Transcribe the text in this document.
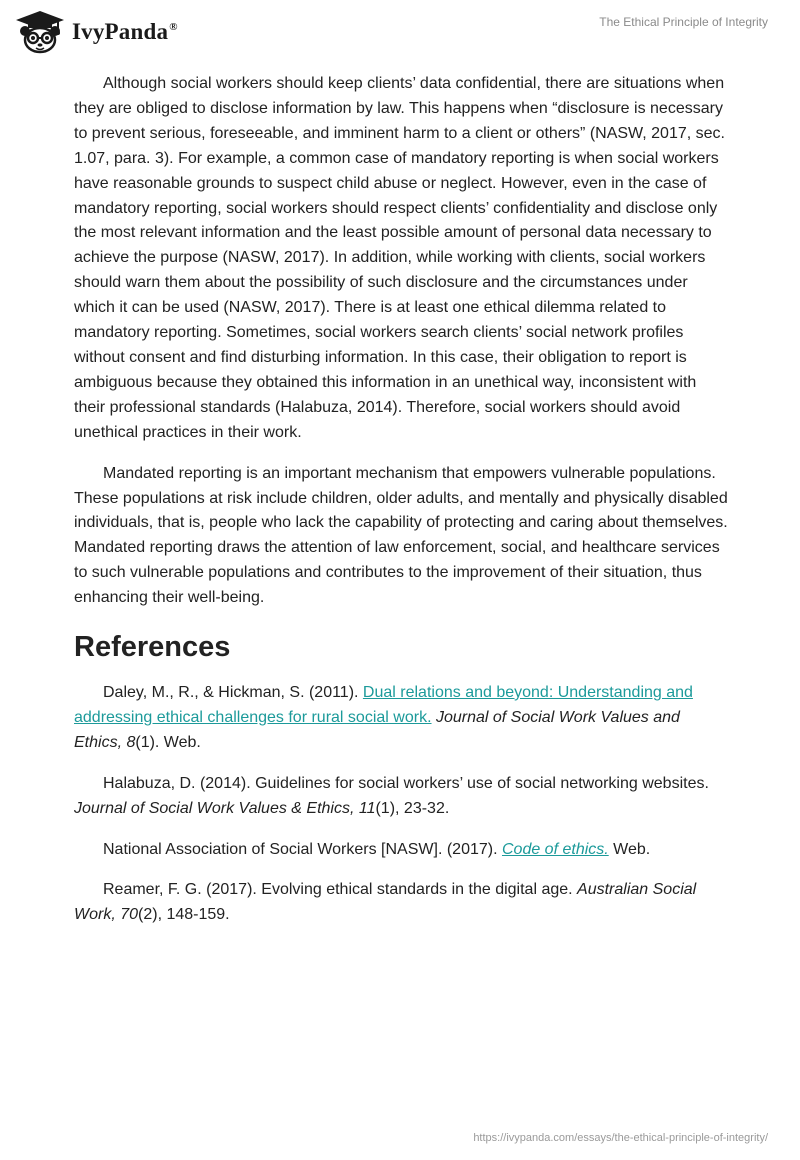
IvyPanda®	The Ethical Principle of Integrity

Although social workers should keep clients’ data confidential, there are situations when they are obliged to disclose information by law. This happens when “disclosure is necessary to prevent serious, foreseeable, and imminent harm to a client or others” (NASW, 2017, sec. 1.07, para. 3). For example, a common case of mandatory reporting is when social workers have reasonable grounds to suspect child abuse or neglect. However, even in the case of mandatory reporting, social workers should respect clients’ confidentiality and disclose only the most relevant information and the least possible amount of personal data necessary to achieve the purpose (NASW, 2017). In addition, while working with clients, social workers should warn them about the possibility of such disclosure and the circumstances under which it can be used (NASW, 2017). There is at least one ethical dilemma related to mandatory reporting. Sometimes, social workers search clients’ social network profiles without consent and find disturbing information. In this case, their obligation to report is ambiguous because they obtained this information in an unethical way, inconsistent with their professional standards (Halabuza, 2014). Therefore, social workers should avoid unethical practices in their work.

Mandated reporting is an important mechanism that empowers vulnerable populations. These populations at risk include children, older adults, and mentally and physically disabled individuals, that is, people who lack the capability of protecting and caring about themselves. Mandated reporting draws the attention of law enforcement, social, and healthcare services to such vulnerable populations and contributes to the improvement of their situation, thus enhancing their well-being.

References

Daley, M., R., & Hickman, S. (2011). Dual relations and beyond: Understanding and addressing ethical challenges for rural social work. Journal of Social Work Values and Ethics, 8(1). Web.

Halabuza, D. (2014). Guidelines for social workers’ use of social networking websites. Journal of Social Work Values & Ethics, 11(1), 23-32.

National Association of Social Workers [NASW]. (2017). Code of ethics. Web.

Reamer, F. G. (2017). Evolving ethical standards in the digital age. Australian Social Work, 70(2), 148-159.

https://ivypanda.com/essays/the-ethical-principle-of-integrity/
